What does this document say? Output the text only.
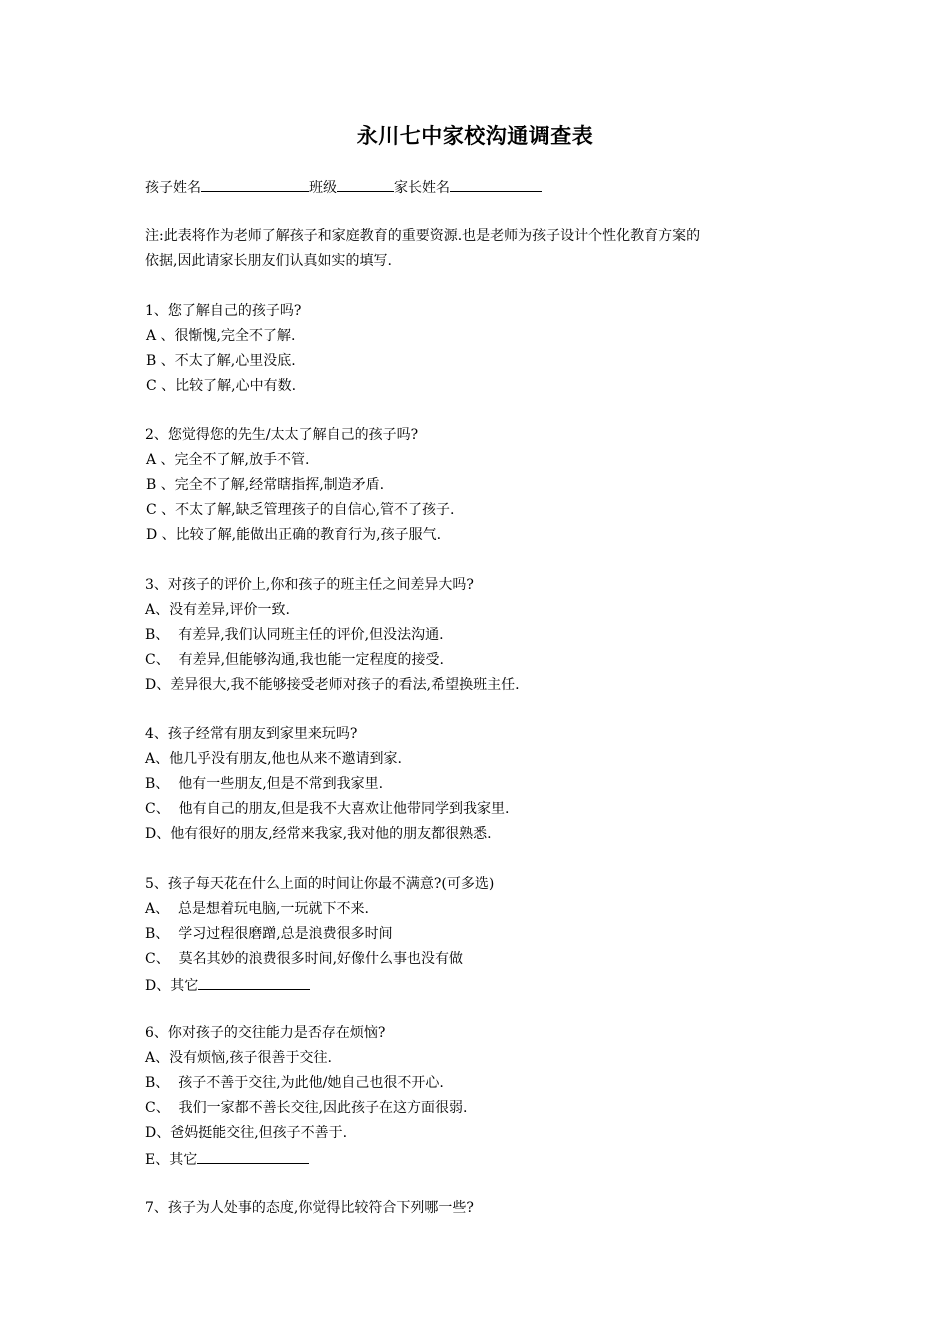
永川七中家校沟通调查表
孩子姓名	班级	家长姓名
注:此表将作为老师了解孩子和家庭教育的重要资源.也是老师为孩子设计个性化教育方案的
依据,因此请家长朋友们认真如实的填写.
1、您了解自己的孩子吗?
A 、很惭愧,完全不了解.
B 、不太了解,心里没底.
C 、比较了解,心中有数.
2、您觉得您的先生/太太了解自己的孩子吗?
A 、完全不了解,放手不管.
B 、完全不了解,经常瞎指挥,制造矛盾.
C 、不太了解,缺乏管理孩子的自信心,管不了孩子.
D 、比较了解,能做出正确的教育行为,孩子服气.
3、对孩子的评价上,你和孩子的班主任之间差异大吗?
A、没有差异,评价一致.
B、  有差异,我们认同班主任的评价,但没法沟通.
C、  有差异,但能够沟通,我也能一定程度的接受.
D、差异很大,我不能够接受老师对孩子的看法,希望换班主任.
4、孩子经常有朋友到家里来玩吗?
A、他几乎没有朋友,他也从来不邀请到家.
B、  他有一些朋友,但是不常到我家里.
C、  他有自己的朋友,但是我不大喜欢让他带同学到我家里.
D、他有很好的朋友,经常来我家,我对他的朋友都很熟悉.
5、孩子每天花在什么上面的时间让你最不满意?(可多选)
A、  总是想着玩电脑,一玩就下不来.
B、  学习过程很磨蹭,总是浪费很多时间
C、  莫名其妙的浪费很多时间,好像什么事也没有做
D、其它
6、你对孩子的交往能力是否存在烦恼?
A、没有烦恼,孩子很善于交往.
B、  孩子不善于交往,为此他/她自己也很不开心.
C、  我们一家都不善长交往,因此孩子在这方面很弱.
D、爸妈挺能交往,但孩子不善于.
E、其它
7、孩子为人处事的态度,你觉得比较符合下列哪一些?
